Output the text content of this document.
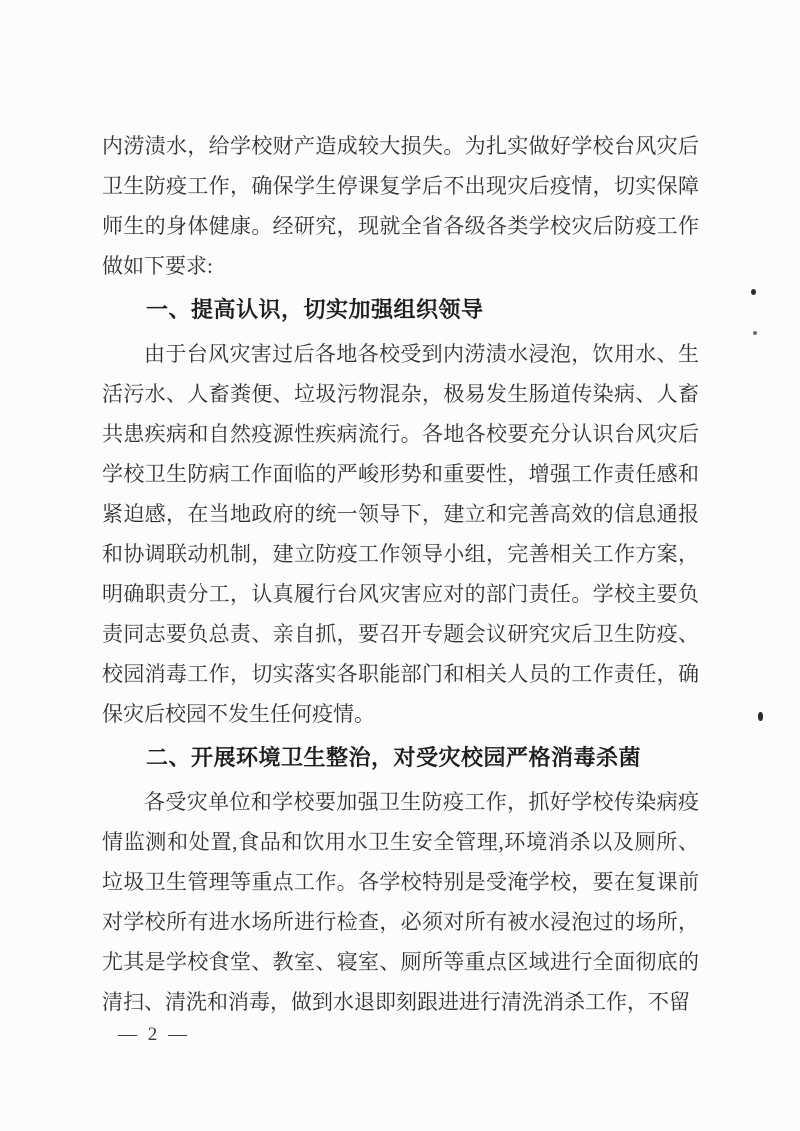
内涝渍水，给学校财产造成较大损失。为扎实做好学校台风灾后卫生防疫工作，确保学生停课复学后不出现灾后疫情，切实保障师生的身体健康。经研究，现就全省各级各类学校灾后防疫工作做如下要求:

一、提高认识，切实加强组织领导

由于台风灾害过后各地各校受到内涝渍水浸泡，饮用水、生活污水、人畜粪便、垃圾污物混杂，极易发生肠道传染病、人畜共患疾病和自然疫源性疾病流行。各地各校要充分认识台风灾后学校卫生防病工作面临的严峻形势和重要性，增强工作责任感和紧迫感，在当地政府的统一领导下，建立和完善高效的信息通报和协调联动机制，建立防疫工作领导小组，完善相关工作方案，明确职责分工，认真履行台风灾害应对的部门责任。学校主要负责同志要负总责、亲自抓，要召开专题会议研究灾后卫生防疫、校园消毒工作，切实落实各职能部门和相关人员的工作责任，确保灾后校园不发生任何疫情。

二、开展环境卫生整治，对受灾校园严格消毒杀菌

各受灾单位和学校要加强卫生防疫工作，抓好学校传染病疫情监测和处置,食品和饮用水卫生安全管理,环境消杀以及厕所、垃圾卫生管理等重点工作。各学校特别是受淹学校，要在复课前对学校所有进水场所进行检查，必须对所有被水浸泡过的场所，尤其是学校食堂、教室、寝室、厕所等重点区域进行全面彻底的清扫、清洗和消毒，做到水退即刻跟进进行清洗消杀工作，不留

— 2 —
